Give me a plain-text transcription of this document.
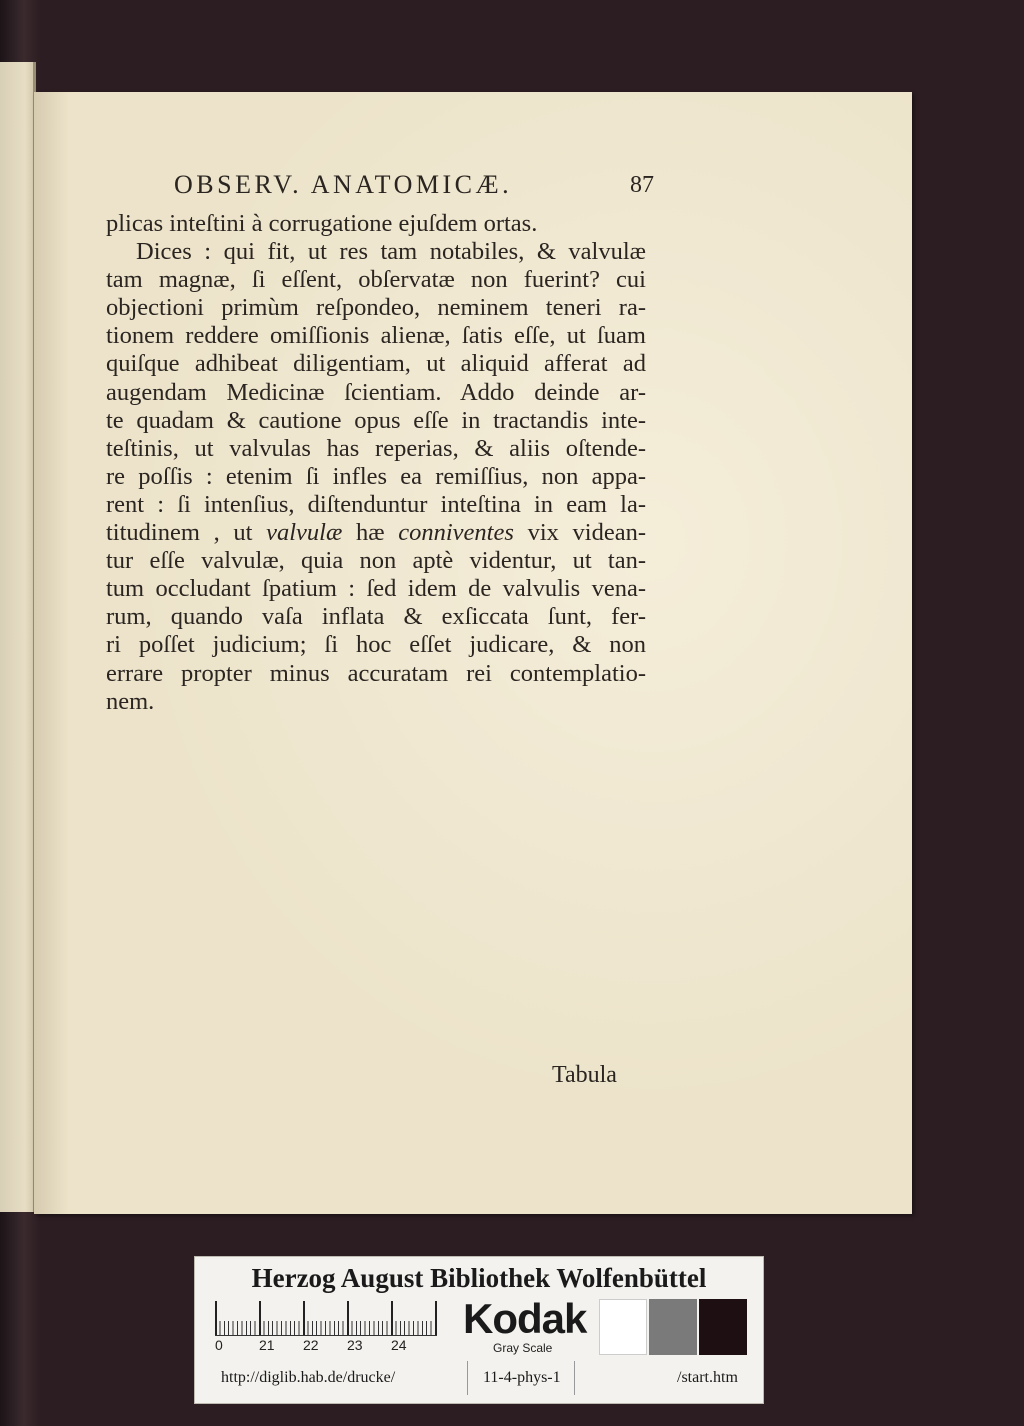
OBSERV. ANATOMICÆ.	87
plicas inteſtini à corrugatione ejuſdem ortas.
Dices : qui fit, ut res tam notabiles, & valvulæ
tam magnæ, ſi eſſent, obſervatæ non fuerint? cui
objectioni primùm reſpondeo, neminem teneri ra-
tionem reddere omiſſionis alienæ, ſatis eſſe, ut ſuam
quiſque adhibeat diligentiam, ut aliquid afferat ad
augendam Medicinæ ſcientiam. Addo deinde ar-
te quadam & cautione opus eſſe in tractandis inte-
teſtinis, ut valvulas has reperias, & aliis oſtende-
re poſſis : etenim ſi infles ea remiſſius, non appa-
rent : ſi intenſius, diſtenduntur inteſtina in eam la-
titudinem , ut valvulæ hæ conniventes vix videan-
tur eſſe valvulæ, quia non aptè videntur, ut tan-
tum occludant ſpatium : ſed idem de valvulis vena-
rum, quando vaſa inflata & exſiccata ſunt, fer-
ri poſſet judicium; ſi hoc eſſet judicare, & non
errare propter minus accuratam rei contemplatio-
nem.
Tabula
Herzog August Bibliothek Wolfenbüttel
0	21 22 23 24
Kodak
Gray Scale
http://diglib.hab.de/drucke/	11-4-phys-1	/start.htm
